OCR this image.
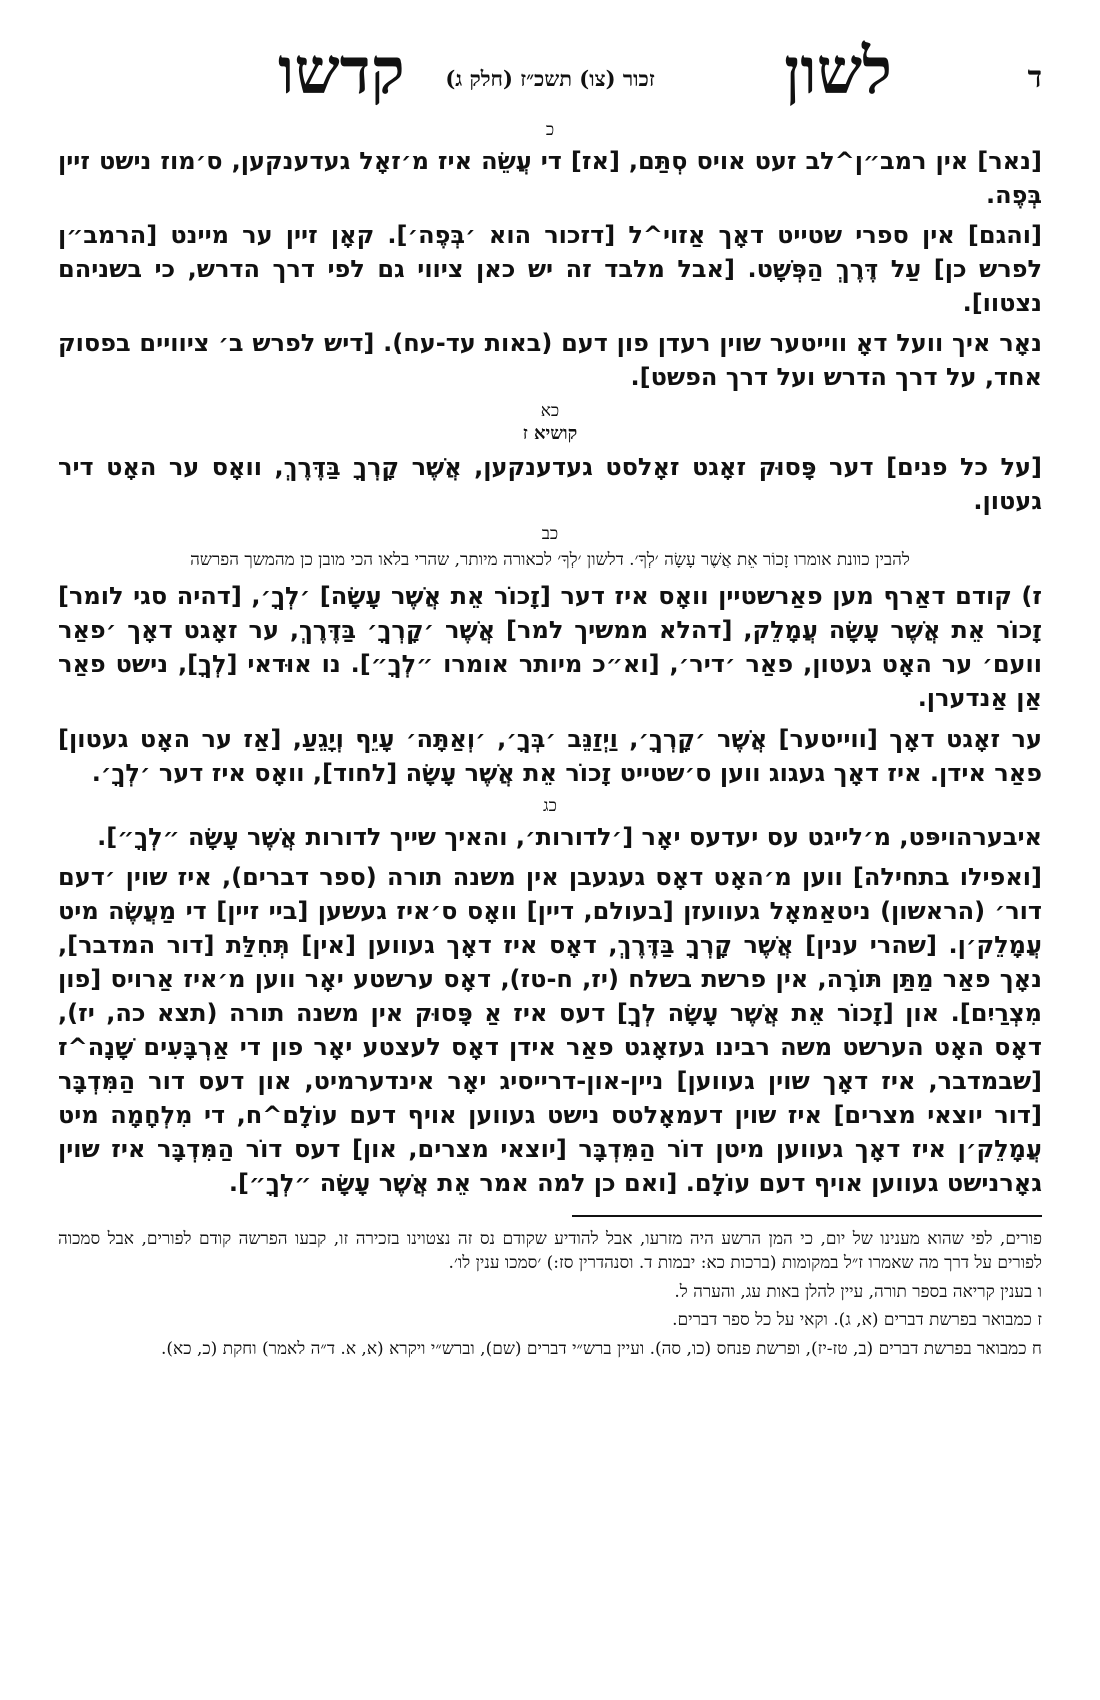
ד
לשון
זכור (צו) תשכ״ז (חלק ג)
קדשו
כ

[נאר] אין רמב״ן^לב זעט אויס סְתַּם, [אז] די עֲשֵׂה איז מ׳זאָל געדענקען, ס׳מוז נישט זיין בְּפֶה.

[והגם] אין ספרי שטייט דאָך אַזוי^ל [דזכור הוא ׳בְּפֶה׳]. קאָן זיין ער מיינט [הרמב״ן לפרש כן] עַל דֶּרֶךְ הַפְּשָׁט. [אבל מלבד זה יש כאן ציווי גם לפי דרך הדרש, כי בשניהם נצטוו].

נאָר איך וועל דאָ ווייטער שוין רעדן פון דעם (באות עד-עח). [דיש לפרש ב׳ ציוויים בפסוק אחד, על דרך הדרש ועל דרך הפשט].

כא
קושיא ז

[על כל פנים] דער פָּסוּק זאָגט זאָלסט געדענקען, אֲשֶׁר קָרְךָ בַּדֶּרֶךְ, וואָס ער האָט דיר געטון.

כב
להבין כוונת אומרו זָכוֹר אֵת אֲשֶׁר עָשָׂה ׳לְךָ׳. דלשון ׳לְךָ׳ לכאורה מיותר, שהרי בלאו הכי מובן כן מהמשך הפרשה

ז) קודם דאַרף מען פאַרשטיין וואָס איז דער [זָכוֹר אֵת אֲשֶׁר עָשָׂה] ׳לְךָ׳, [דהיה סגי לומר] זָכוֹר אֵת אֲשֶׁר עָשָׂה עֲמָלֵק, [דהלא ממשיך למר] אֲשֶׁר ׳קָרְךָ׳ בַּדֶּרֶךְ, ער זאָגט דאָך ׳פאַר וועם׳ ער האָט געטון, פאַר ׳דיר׳, [וא״כ מיותר אומרו ״לְךָ״]. נו אוּדאי [לְךָ], נישט פאַר אַן אַנדערן.

ער זאָגט דאָך [ווייטער] אֲשֶׁר ׳קָרְךָ׳, וַיְזַנֵּב ׳בְּךָ׳, ׳וְאַתָּה׳ עָיֵף וְיָגֵעַ, [אַז ער האָט געטון] פאַר אידן. איז דאָך געגוג ווען ס׳שטייט זָכוֹר אֵת אֲשֶׁר עָשָׂה [לחוד], וואָס איז דער ׳לְךָ׳.

כג

איבערהויפּט, מ׳לייגט עס יעדעס יאָר [׳לדורות׳, והאיך שייך לדורות אֲשֶׁר עָשָׂה ״לְךָ״].

[ואפילו בתחילה] ווען מ׳האָט דאָס געגעבן אין משנה תורה (ספר דברים), איז שוין ׳דעם דור׳ (הראשון) ניטאַמאָל געוועזן [בעולם, דיין] וואָס ס׳איז געשען [ביי זיין] די מַעֲשֶׂה מיט עֲמָלֵק׳ן. [שהרי ענין] אֲשֶׁר קָרְךָ בַּדֶּרֶךְ, דאָס איז דאָך געווען [אין] תְּחִלַּת [דור המדבר], נאָך פאַר מַתַּן תּוֹרָה, אין פרשת בשלח (יז, ח-טז), דאָס ערשטע יאָר ווען מ׳איז אַרויס [פון מִצְרַיִם]. און [זָכוֹר אֵת אֲשֶׁר עָשָׂה לְךָ] דעס איז אַ פָּסוּק אין משנה תורה (תצא כה, יז), דאָס האָט הערשט משה רבינו געזאָגט פאַר אידן דאָס לעצטע יאָר פון די אַרְבָּעִים שָׁנָה^ז [שבמדבר, איז דאָך שוין געווען] ניין-און-דרייסיג יאָר אינדערמיט, און דעס דור הַמִּדְבָּר [דור יוצאי מצרים] איז שוין דעמאָלטס נישט געווען אויף דעם עוֹלָם^ח, די מִלְחָמָה מיט עֲמָלֵק׳ן איז דאָך געווען מיטן דוֹר הַמִּדְבָּר [יוצאי מצרים, און] דעס דוֹר הַמִּדְבָּר איז שוין גאָרנישט געווען אויף דעם עוֹלָם. [ואם כן למה אמר אֵת אֲשֶׁר עָשָׂה ״לְךָ״].

פורים, לפי שהוא מענינו של יום, כי המן הרשע היה מזרעו, אבל להודיע שקודם נס זה נצטוינו בזכירה זו, קבעו הפרשה קודם לפורים, אבל סמכוה לפורים על דרך מה שאמרו ז״ל במקומות (ברכות כא: יבמות ד. וסנהדרין סז:) ׳סמכו ענין לו׳.

ו בענין קריאה בספר תורה, עיין להלן באות עג, והערה ל.

ז כמבואר בפרשת דברים (א, ג). וקאי על כל ספר דברים.

ח כמבואר בפרשת דברים (ב, טז-יז), ופרשת פנחס (כו, סה). ועיין ברש״י דברים (שם), וברש״י ויקרא (א, א. ד״ה לאמר) וחקת (כ, כא).
